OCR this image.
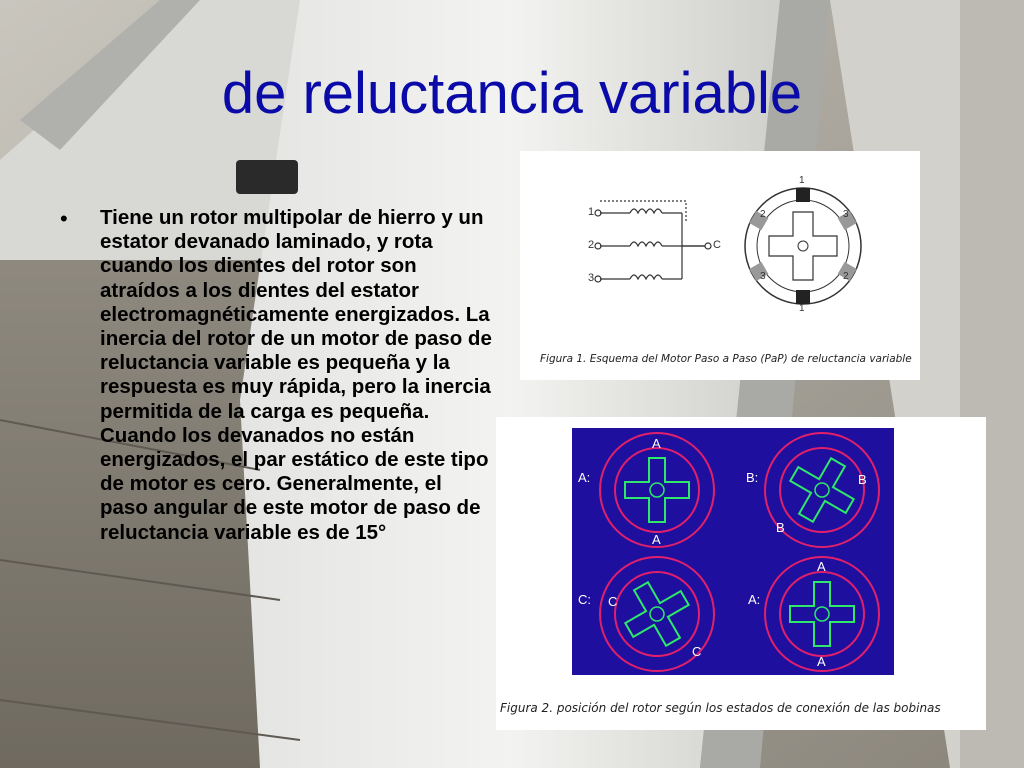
de reluctancia variable
• Tiene un rotor multipolar de hierro y un estator devanado laminado, y rota cuando los dientes del rotor son atraídos a los dientes del estator electromagnéticamente energizados. La inercia del rotor de un motor de paso de reluctancia variable es pequeña y la respuesta es muy rápida, pero la inercia permitida de la carga es pequeña. Cuando los devanados no están energizados, el par estático de este tipo de motor es cero. Generalmente, el paso angular de este motor de paso de reluctancia variable es de 15°
1
2
3
C
1
2	3
3	2
1
Figura 1. Esquema del Motor Paso a Paso (PaP) de reluctancia variable
A:
A
A
B:	B
B
C: C
C
A:
A
A
Figura 2. posición del rotor según los estados de conexión de las bobinas
